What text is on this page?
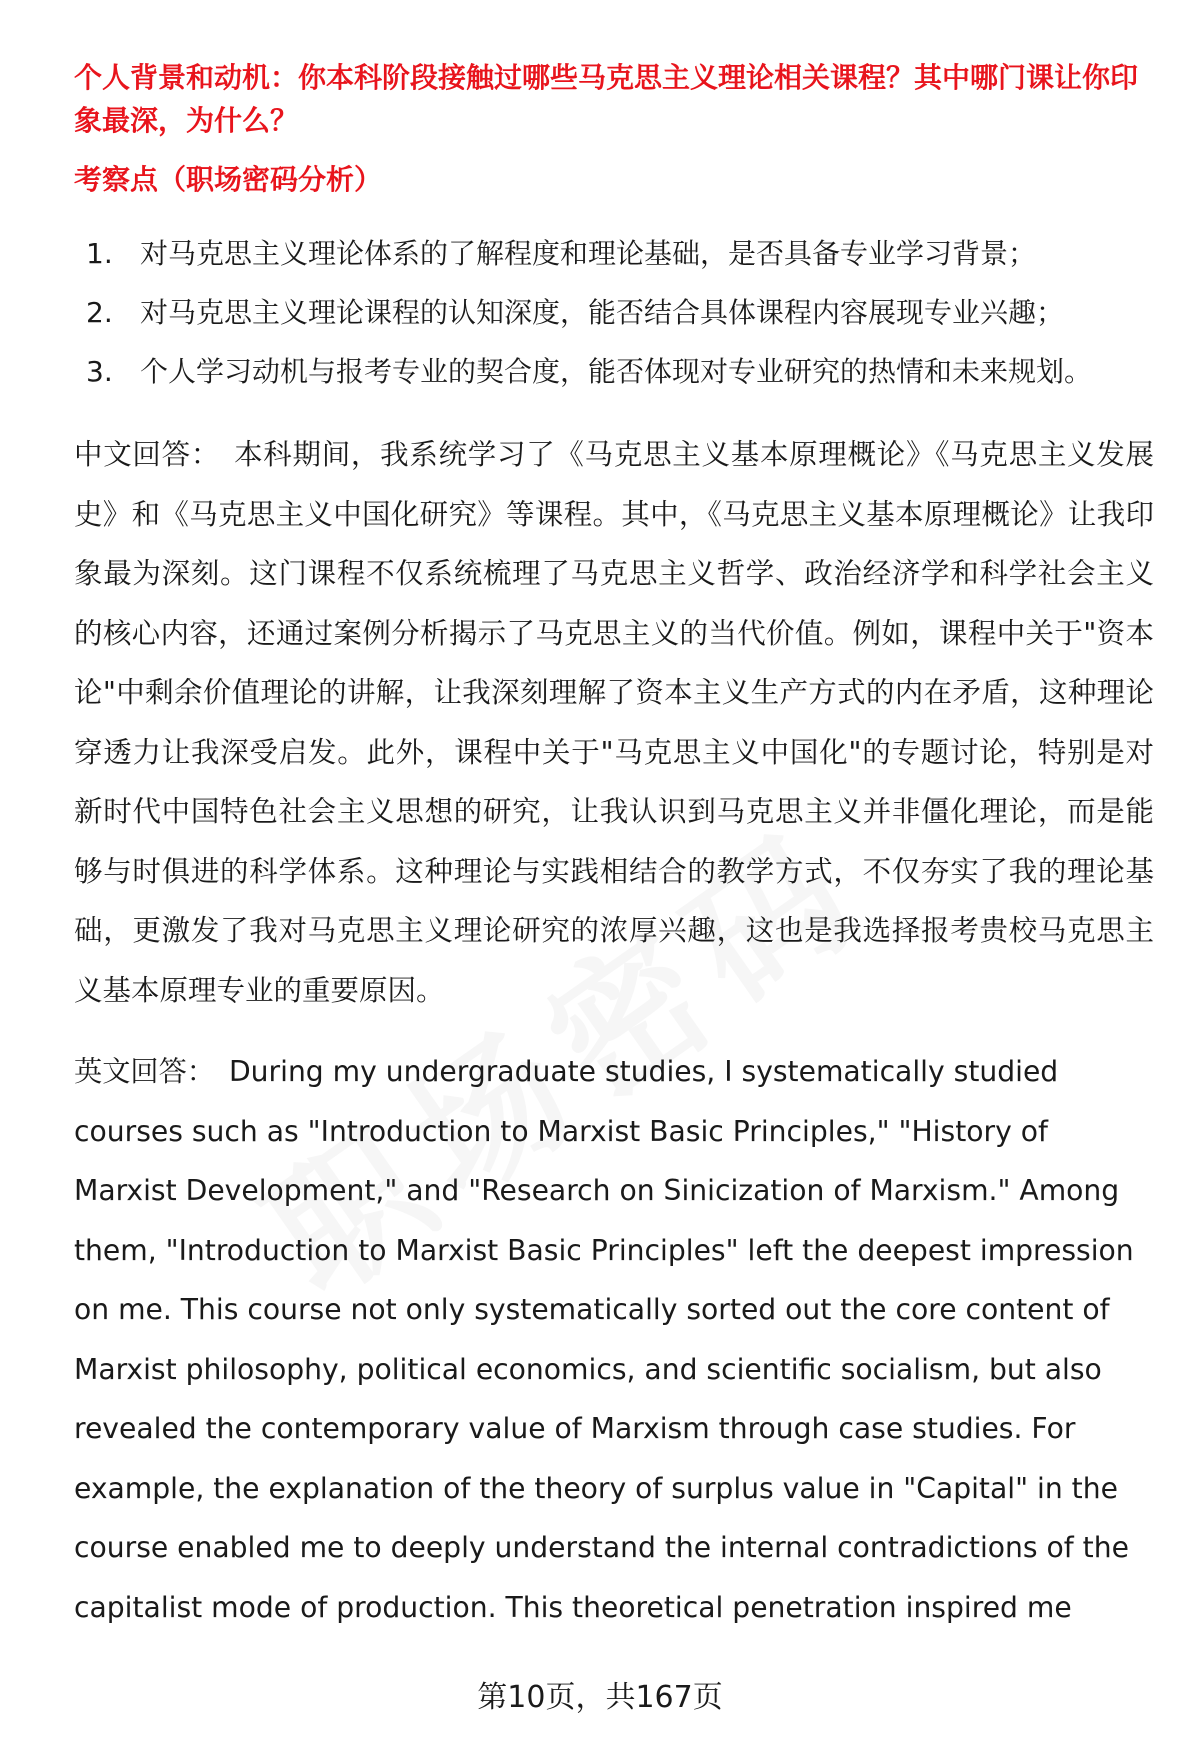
个人背景和动机：你本科阶段接触过哪些马克思主义理论相关课程？其中哪门课让你印象最深，为什么？

考察点（职场密码分析）

1. 对马克思主义理论体系的了解程度和理论基础，是否具备专业学习背景；
2. 对马克思主义理论课程的认知深度，能否结合具体课程内容展现专业兴趣；
3. 个人学习动机与报考专业的契合度，能否体现对专业研究的热情和未来规划。

中文回答： 本科期间，我系统学习了《马克思主义基本原理概论》《马克思主义发展史》和《马克思主义中国化研究》等课程。其中，《马克思主义基本原理概论》让我印象最为深刻。这门课程不仅系统梳理了马克思主义哲学、政治经济学和科学社会主义的核心内容，还通过案例分析揭示了马克思主义的当代价值。例如，课程中关于"资本论"中剩余价值理论的讲解，让我深刻理解了资本主义生产方式的内在矛盾，这种理论穿透力让我深受启发。此外，课程中关于"马克思主义中国化"的专题讨论，特别是对新时代中国特色社会主义思想的研究，让我认识到马克思主义并非僵化理论，而是能够与时俱进的科学体系。这种理论与实践相结合的教学方式，不仅夯实了我的理论基础，更激发了我对马克思主义理论研究的浓厚兴趣，这也是我选择报考贵校马克思主义基本原理专业的重要原因。

英文回答： During my undergraduate studies, I systematically studied courses such as "Introduction to Marxist Basic Principles," "History of Marxist Development," and "Research on Sinicization of Marxism." Among them, "Introduction to Marxist Basic Principles" left the deepest impression on me. This course not only systematically sorted out the core content of Marxist philosophy, political economics, and scientific socialism, but also revealed the contemporary value of Marxism through case studies. For example, the explanation of the theory of surplus value in "Capital" in the course enabled me to deeply understand the internal contradictions of the capitalist mode of production. This theoretical penetration inspired me

第10页，共167页
